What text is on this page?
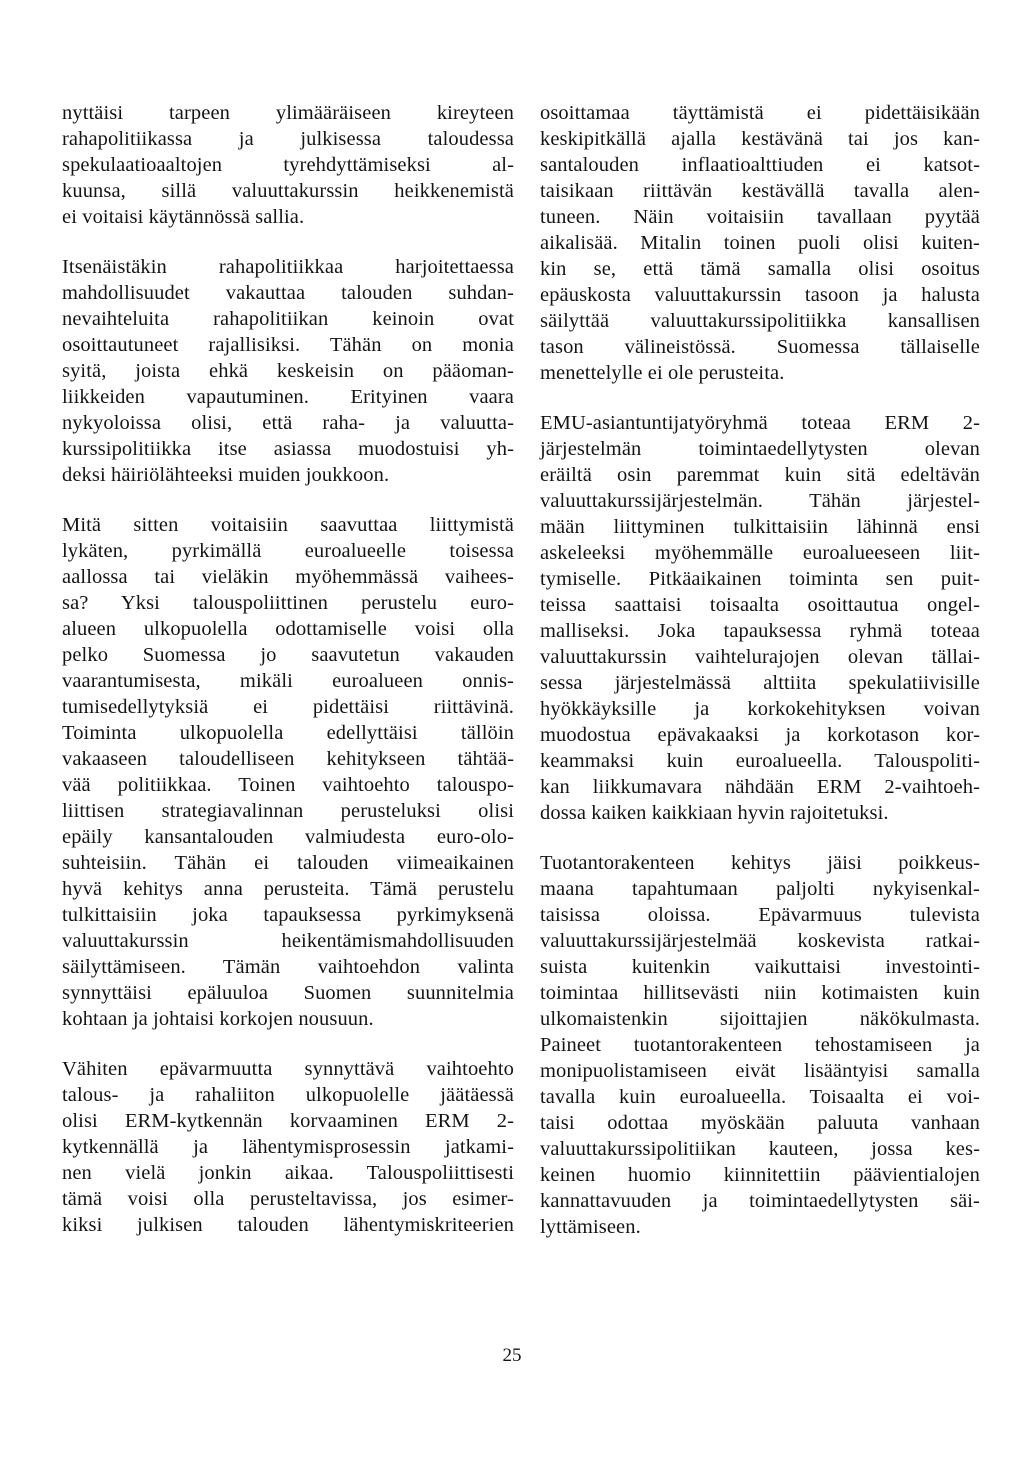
nyttäisi tarpeen ylimääräiseen kireyteen
rahapolitiikassa ja julkisessa taloudessa
spekulaatioaaltojen tyrehdyttämiseksi al-
kuunsa, sillä valuuttakurssin heikkenemistä
ei voitaisi käytännössä sallia.
Itsenäistäkin rahapolitiikkaa harjoitettaessa
mahdollisuudet vakauttaa talouden suhdan-
nevaihteluita rahapolitiikan keinoin ovat
osoittautuneet rajallisiksi. Tähän on monia
syitä, joista ehkä keskeisin on pääoman-
liikkeiden vapautuminen. Erityinen vaara
nykyoloissa olisi, että raha- ja valuutta-
kurssipolitiikka itse asiassa muodostuisi yh-
deksi häiriölähteeksi muiden joukkoon.
Mitä sitten voitaisiin saavuttaa liittymistä
lykäten, pyrkimällä euroalueelle toisessa
aallossa tai vieläkin myöhemmässä vaihees-
sa? Yksi talouspoliittinen perustelu euro-
alueen ulkopuolella odottamiselle voisi olla
pelko Suomessa jo saavutetun vakauden
vaarantumisesta, mikäli euroalueen onnis-
tumisedellytyksiä ei pidettäisi riittävinä.
Toiminta ulkopuolella edellyttäisi tällöin
vakaaseen taloudelliseen kehitykseen tähtää-
vää politiikkaa. Toinen vaihtoehto talouspo-
liittisen strategiavalinnan perusteluksi olisi
epäily kansantalouden valmiudesta euro-olo-
suhteisiin. Tähän ei talouden viimeaikainen
hyvä kehitys anna perusteita. Tämä perustelu
tulkittaisiin joka tapauksessa pyrkimyksenä
valuuttakurssin heikentämismahdollisuuden
säilyttämiseen. Tämän vaihtoehdon valinta
synnyttäisi epäluuloa Suomen suunnitelmia
kohtaan ja johtaisi korkojen nousuun.
Vähiten epävarmuutta synnyttävä vaihtoehto
talous- ja rahaliiton ulkopuolelle jäätäessä
olisi ERM-kytkennän korvaaminen ERM 2-
kytkennällä ja lähentymisprosessin jatkami-
nen vielä jonkin aikaa. Talouspoliittisesti
tämä voisi olla perusteltavissa, jos esimer-
kiksi julkisen talouden lähentymiskriteerien
osoittamaa täyttämistä ei pidettäisikään
keskipitkällä ajalla kestävänä tai jos kan-
santalouden inflaatioalttiuden ei katsot-
taisikaan riittävän kestävällä tavalla alen-
tuneen. Näin voitaisiin tavallaan pyytää
aikalisää. Mitalin toinen puoli olisi kuiten-
kin se, että tämä samalla olisi osoitus
epäuskosta valuuttakurssin tasoon ja halusta
säilyttää valuuttakurssipolitiikka kansallisen
tason välineistössä. Suomessa tällaiselle
menettelylle ei ole perusteita.
EMU-asiantuntijatyöryhmä toteaa ERM 2-
järjestelmän toimintaedellytysten olevan
eräiltä osin paremmat kuin sitä edeltävän
valuuttakurssijärjestelmän. Tähän järjestel-
mään liittyminen tulkittaisiin lähinnä ensi
askeleeksi myöhemmälle euroalueeseen liit-
tymiselle. Pitkäaikainen toiminta sen puit-
teissa saattaisi toisaalta osoittautua ongel-
malliseksi. Joka tapauksessa ryhmä toteaa
valuuttakurssin vaihtelurajojen olevan tällai-
sessa järjestelmässä alttiita spekulatiivisille
hyökkäyksille ja korkokehityksen voivan
muodostua epävakaaksi ja korkotason kor-
keammaksi kuin euroalueella. Talouspoliti-
kan liikkumavara nähdään ERM 2-vaihtoeh-
dossa kaiken kaikkiaan hyvin rajoitetuksi.
Tuotantorakenteen kehitys jäisi poikkeus-
maana tapahtumaan paljolti nykyisenkal-
taisissa oloissa. Epävarmuus tulevista
valuuttakurssijärjestelmää koskevista ratkai-
suista kuitenkin vaikuttaisi investointi-
toimintaa hillitsevästi niin kotimaisten kuin
ulkomaistenkin sijoittajien näkökulmasta.
Paineet tuotantorakenteen tehostamiseen ja
monipuolistamiseen eivät lisääntyisi samalla
tavalla kuin euroalueella. Toisaalta ei voi-
taisi odottaa myöskään paluuta vanhaan
valuuttakurssipolitiikan kauteen, jossa kes-
keinen huomio kiinnitettiin päävientialojen
kannattavuuden ja toimintaedellytysten säi-
lyttämiseen.
25
